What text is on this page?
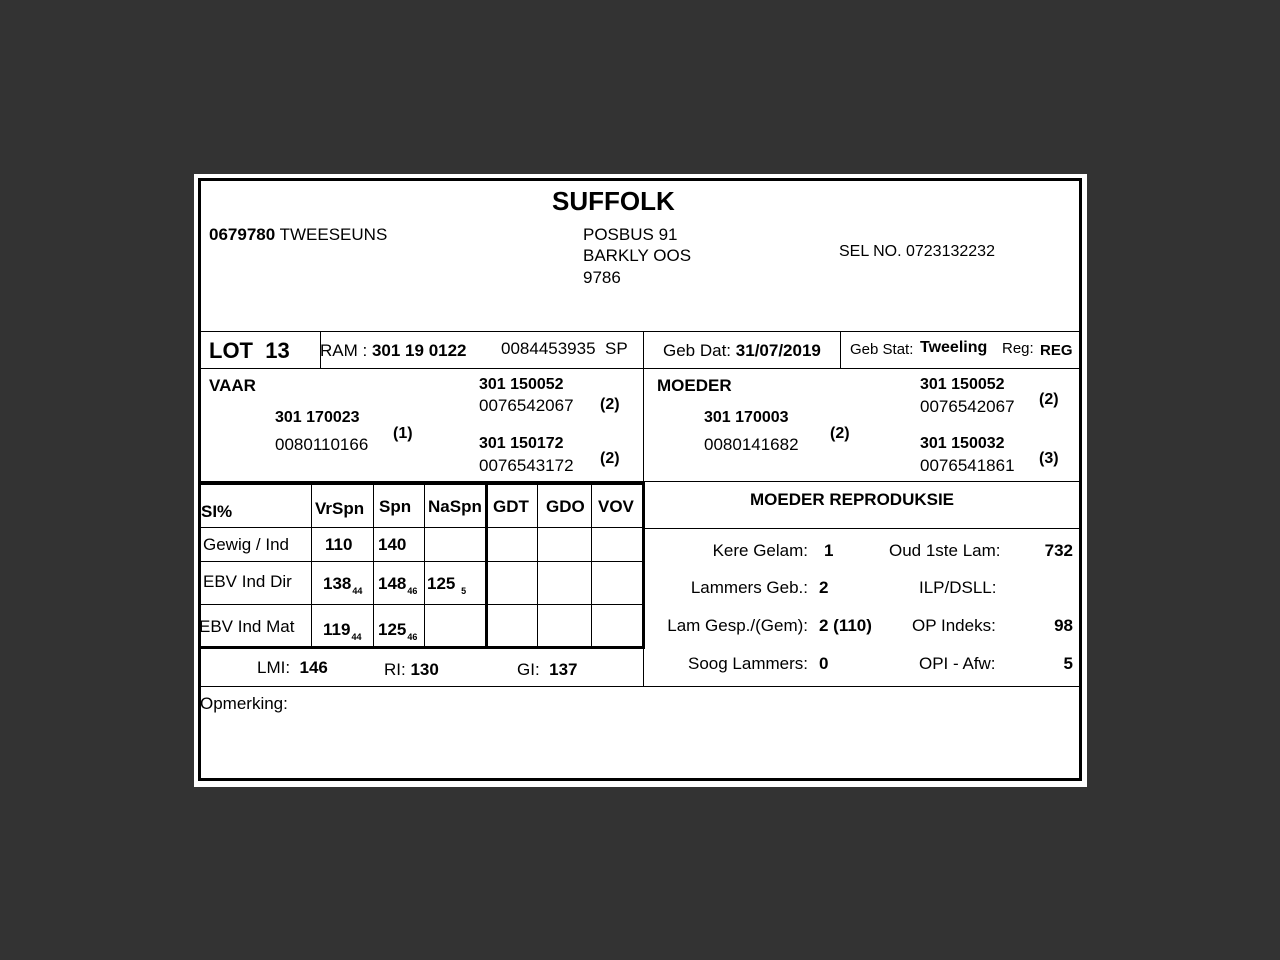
SUFFOLK
0679780 TWEESEUNS	POSBUS 91
BARKLY OOS
9786
SEL NO. 0723132232
LOT 13 RAM : 301 19 0122 0084453935 SP Geb Dat: 31/07/2019 Geb Stat: Tweeling Reg: REG
VAAR
301 170023
0080110166
(1)
301 150052
0076542067 (2)
301 150172
0076543172 (2)
MOEDER
301 170003
0080141682
(2)
301 150052
0076542067 (2)
301 150032
0076541861 (3)
SI%	VrSpn Spn NaSpn GDT GDO VOV
Gewig / Ind 110 140
EBV Ind Dir $138_{44}$ $148_{46}$ 125 $_5$
EBV Ind Mat $119_{44}$ $125_{46}$
LMI: 146	RI: 130	GI: 137
MOEDER REPRODUKSIE
Kere Gelam: 1	Oud 1ste Lam:	732
Lammers Geb.: 2	ILP/DSLL:
Lam Gesp./(Gem): 2 (110) OP Indeks:	98
Soog Lammers: 0	OPI - Afw:	5
Opmerking:
